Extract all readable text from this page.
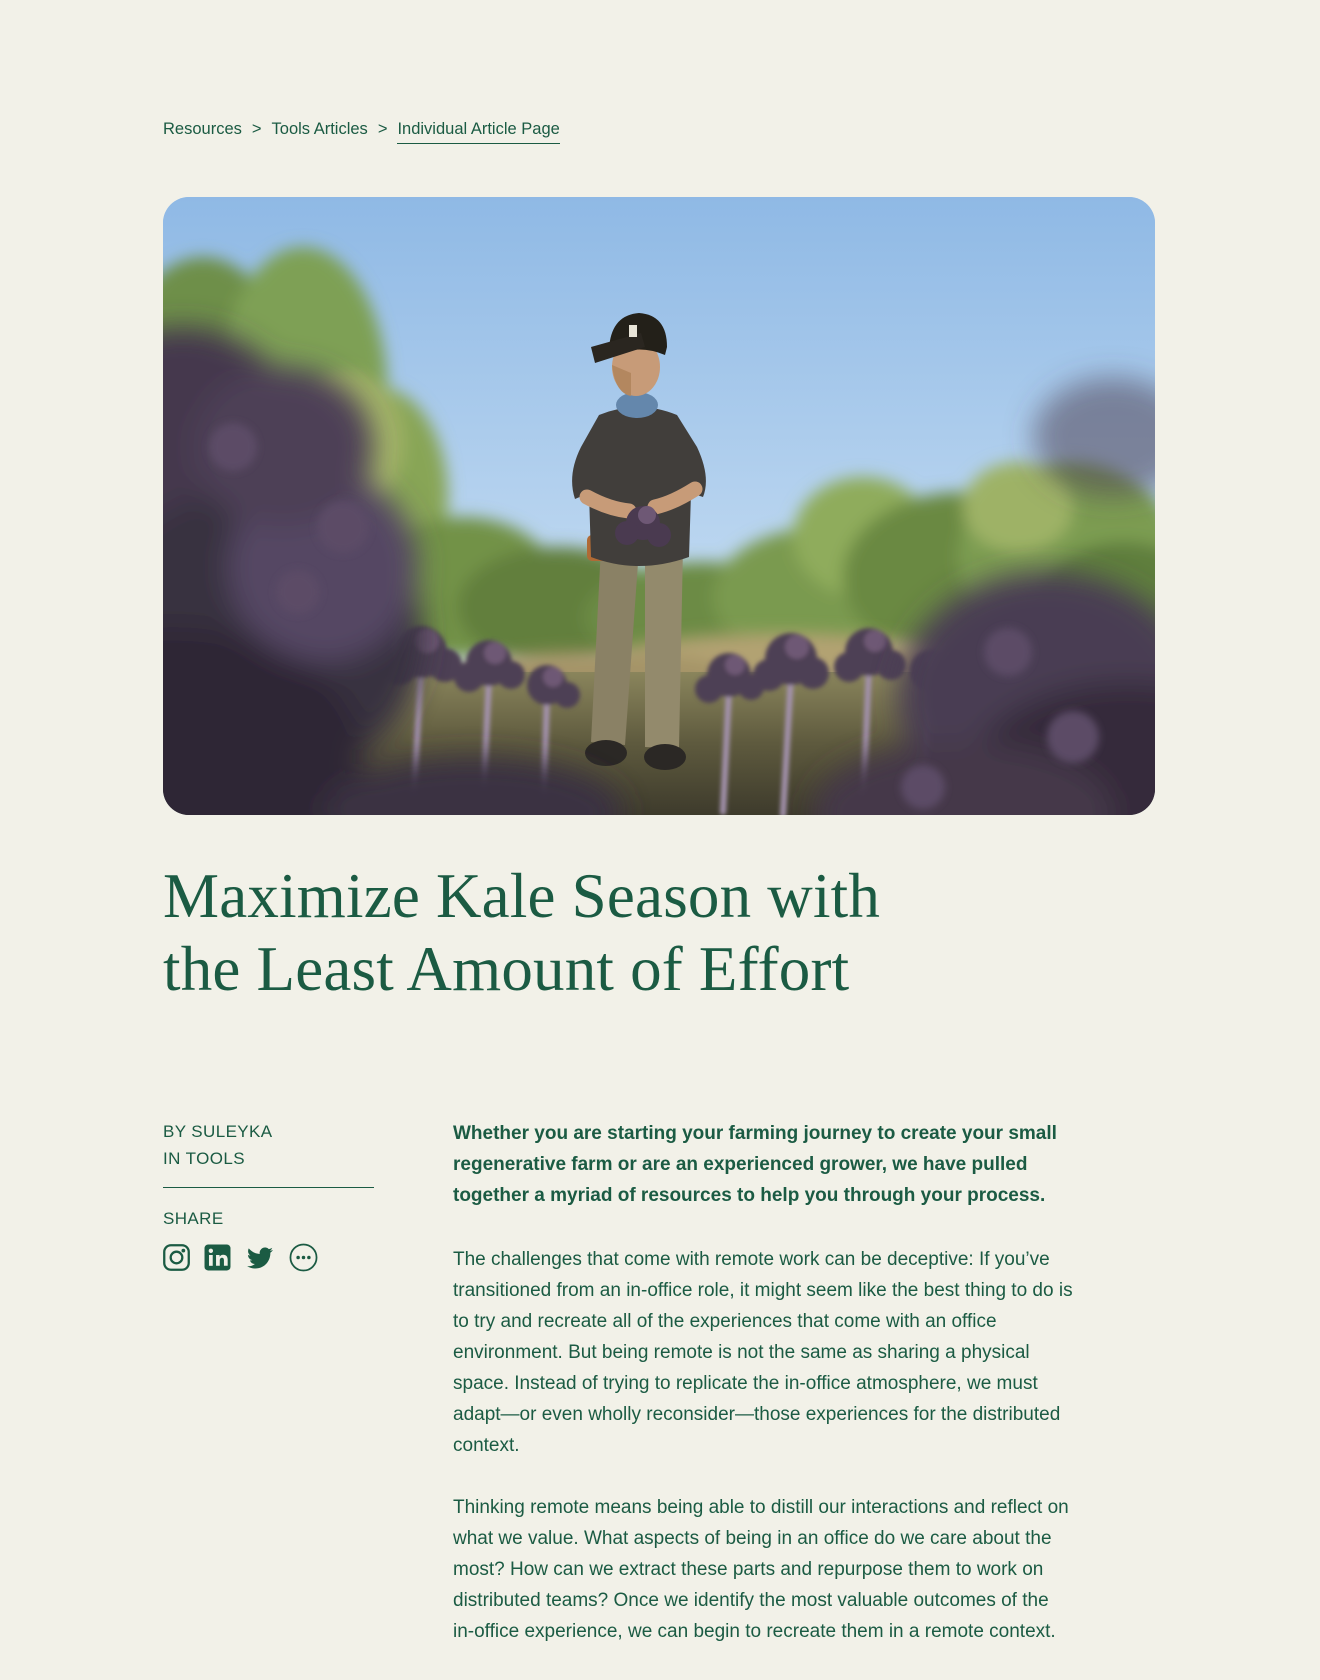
Resources > Tools Articles > Individual Article Page
Maximize Kale Season with
the Least Amount of Effort
BY SULEYKA
IN TOOLS
SHARE

Whether you are starting your farming journey to create your small regenerative farm or are an experienced grower, we have pulled together a myriad of resources to help you through your process.

The challenges that come with remote work can be deceptive: If you’ve transitioned from an in-office role, it might seem like the best thing to do is to try and recreate all of the experiences that come with an office environment. But being remote is not the same as sharing a physical space. Instead of trying to replicate the in-office atmosphere, we must adapt—or even wholly reconsider—those experiences for the distributed context.

Thinking remote means being able to distill our interactions and reflect on what we value. What aspects of being in an office do we care about the most? How can we extract these parts and repurpose them to work on distributed teams? Once we identify the most valuable outcomes of the in-office experience, we can begin to recreate them in a remote context.
